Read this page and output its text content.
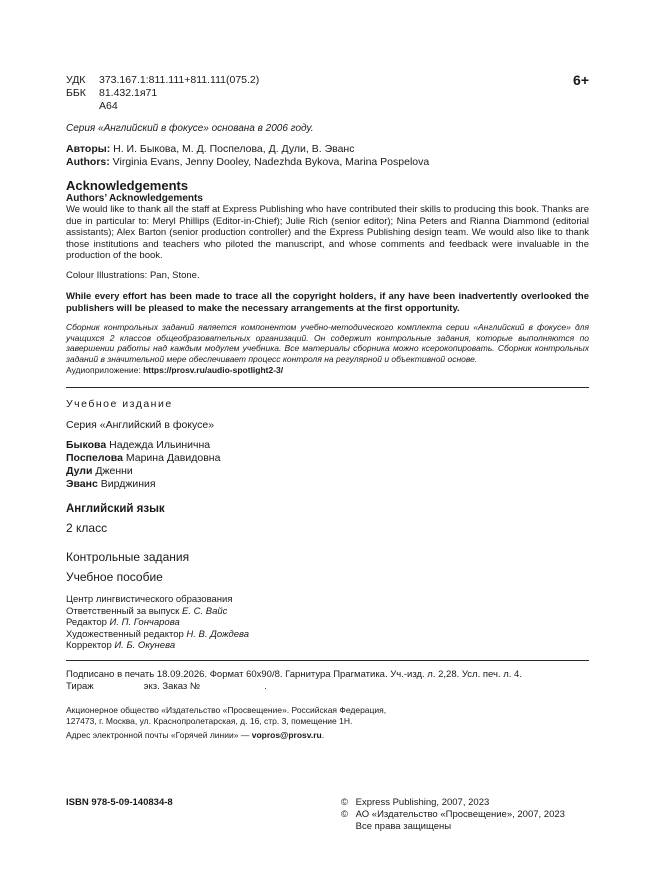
УДК 373.167.1:811.111+811.111(075.2)
ББК 81.432.1я71
А64
6+
Серия «Английский в фокусе» основана в 2006 году.
Авторы: Н. И. Быкова, М. Д. Поспелова, Д. Дули, В. Эванс
Authors: Virginia Evans, Jenny Dooley, Nadezhda Bykova, Marina Pospelova
Acknowledgements
Authors’ Acknowledgements
We would like to thank all the staff at Express Publishing who have contributed their skills to producing this book. Thanks are due in particular to: Meryl Phillips (Editor-in-Chief); Julie Rich (senior editor); Nina Peters and Rianna Diammond (editorial assistants); Alex Barton (senior production controller) and the Express Publishing design team. We would also like to thank those institutions and teachers who piloted the manuscript, and whose comments and feedback were invaluable in the production of the book.
Colour Illustrations: Pan, Stone.
While every effort has been made to trace all the copyright holders, if any have been inadvertently overlooked the publishers will be pleased to make the necessary arrangements at the first opportunity.
Сборник контрольных заданий является компонентом учебно-методического комплекта серии «Английский в фокусе» для учащихся 2 классов общеобразовательных организаций. Он содержит контрольные задания, которые выполняются по завершении работы над каждым модулем учебника. Все материалы сборника можно ксерокопировать. Сборник контрольных заданий в значительной мере обеспечивает процесс контроля на регулярной и объективной основе.
Аудиоприложение: https://prosv.ru/audio-spotlight2-3/
Учебное издание
Серия «Английский в фокусе»
Быкова Надежда Ильинична
Поспелова Марина Давидовна
Дули Дженни
Эванс Вирджиния
Английский язык
2 класс
Контрольные задания
Учебное пособие
Центр лингвистического образования
Ответственный за выпуск Е. С. Вайс
Редактор И. П. Гончарова
Художественный редактор Н. В. Дождева
Корректор И. Б. Окунева
Подписано в печать 18.09.2026. Формат 60x90/8. Гарнитура Прагматика. Уч.-изд. л. 2,28. Усл. печ. л. 4.
Тираж	экз. Заказ №	.
Акционерное общество «Издательство «Просвещение». Российская Федерация,
127473, г. Москва, ул. Краснопролетарская, д. 16, стр. 3, помещение 1Н.
Адрес электронной почты «Горячей линии» — vopros@prosv.ru.
ISBN 978-5-09-140834-8	© Express Publishing, 2007, 2023
© АО «Издательство «Просвещение», 2007, 2023
Все права защищены
